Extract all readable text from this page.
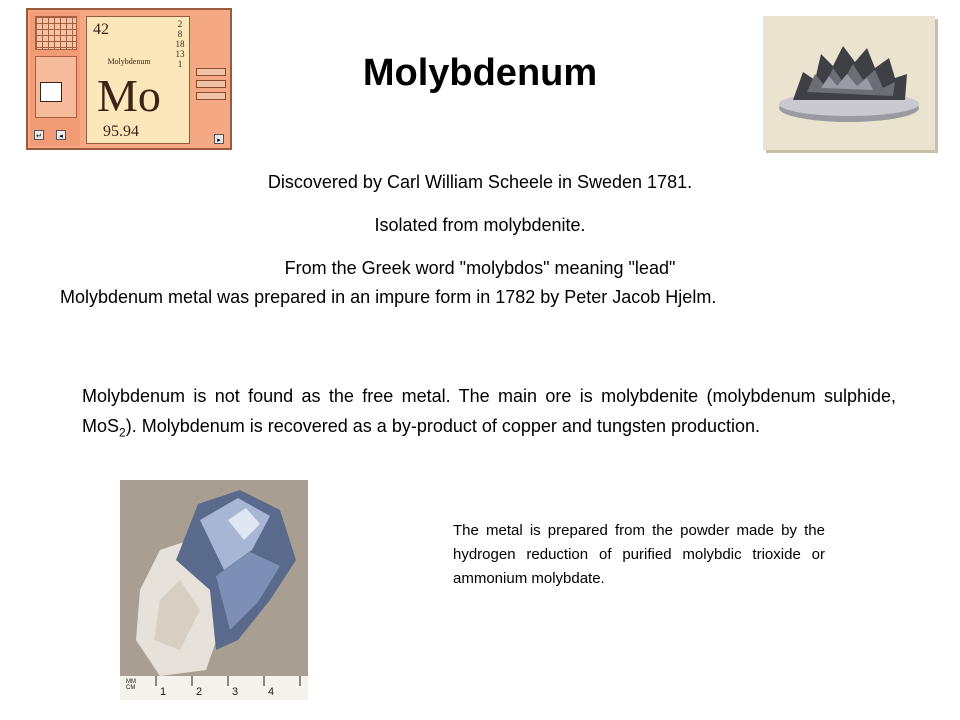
↵	◂
42	2
8
18
13
1
Molybdenum
Mo
95.94	▸
Molybdenum
Discovered by Carl William Scheele in Sweden 1781.
Isolated from molybdenite.
From the Greek word "molybdos" meaning "lead"
Molybdenum metal was prepared in an impure form in 1782 by Peter Jacob Hjelm.
Molybdenum is not found as the free metal. The main ore is molybdenite (molybdenum sulphide, MoS$_2$). Molybdenum is recovered as a by-product of copper and tungsten production.
MM
CM 1	2	3	4
The metal is prepared from the powder made by the hydrogen reduction of purified molybdic trioxide or ammonium molybdate.
